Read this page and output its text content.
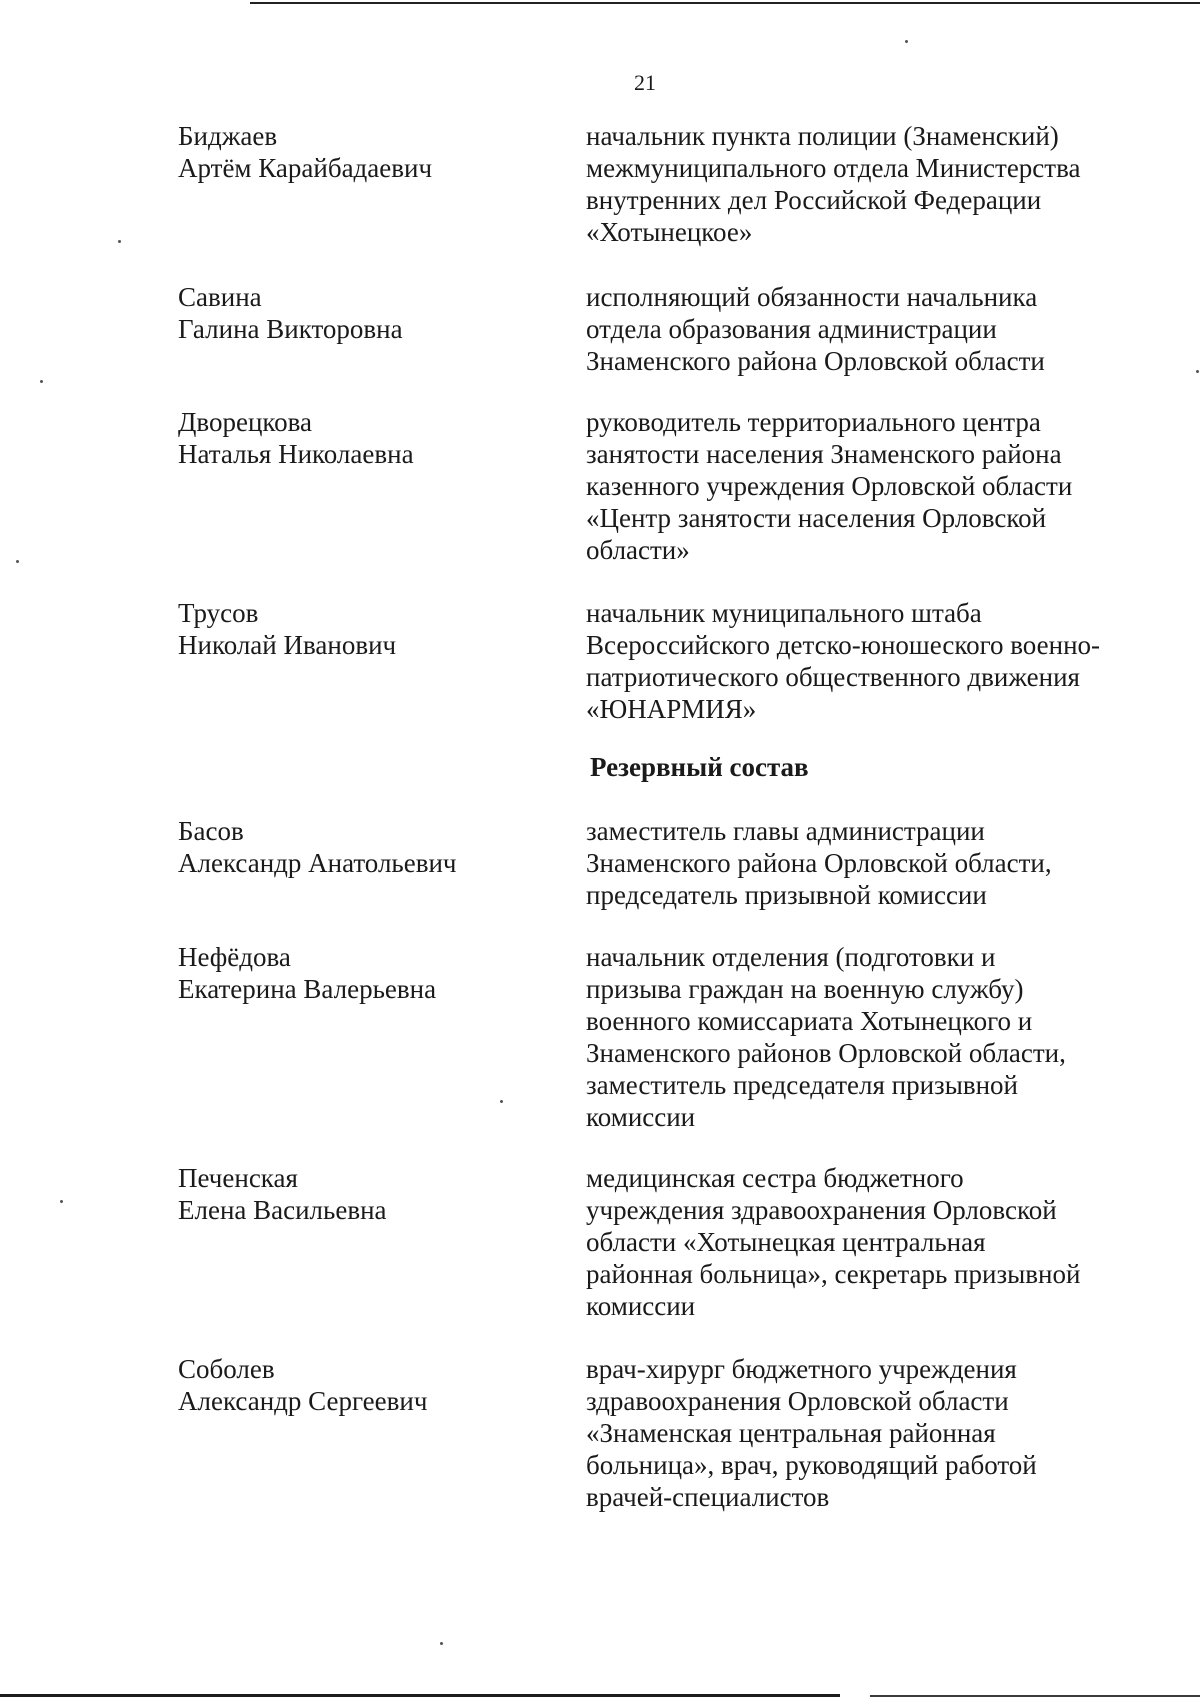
21
Биджаев
Артём Карайбадаевич
начальник пункта полиции (Знаменский)
межмуниципального отдела Министерства
внутренних дел Российской Федерации
«Хотынецкое»
Савина
Галина Викторовна
исполняющий обязанности начальника
отдела образования администрации
Знаменского района Орловской области
Дворецкова
Наталья Николаевна
руководитель территориального центра
занятости населения Знаменского района
казенного учреждения Орловской области
«Центр занятости населения Орловской
области»
Трусов
Николай Иванович
начальник муниципального штаба
Всероссийского детско-юношеского военно-
патриотического общественного движения
«ЮНАРМИЯ»
Резервный состав
Басов
Александр Анатольевич
заместитель главы администрации
Знаменского района Орловской области,
председатель призывной комиссии
Нефёдова
Екатерина Валерьевна
начальник отделения (подготовки и
призыва граждан на военную службу)
военного комиссариата Хотынецкого и
Знаменского районов Орловской области,
заместитель председателя призывной
комиссии
Печенская
Елена Васильевна
медицинская сестра бюджетного
учреждения здравоохранения Орловской
области «Хотынецкая центральная
районная больница», секретарь призывной
комиссии
Соболев
Александр Сергеевич
врач-хирург бюджетного учреждения
здравоохранения Орловской области
«Знаменская центральная районная
больница», врач, руководящий работой
врачей-специалистов
